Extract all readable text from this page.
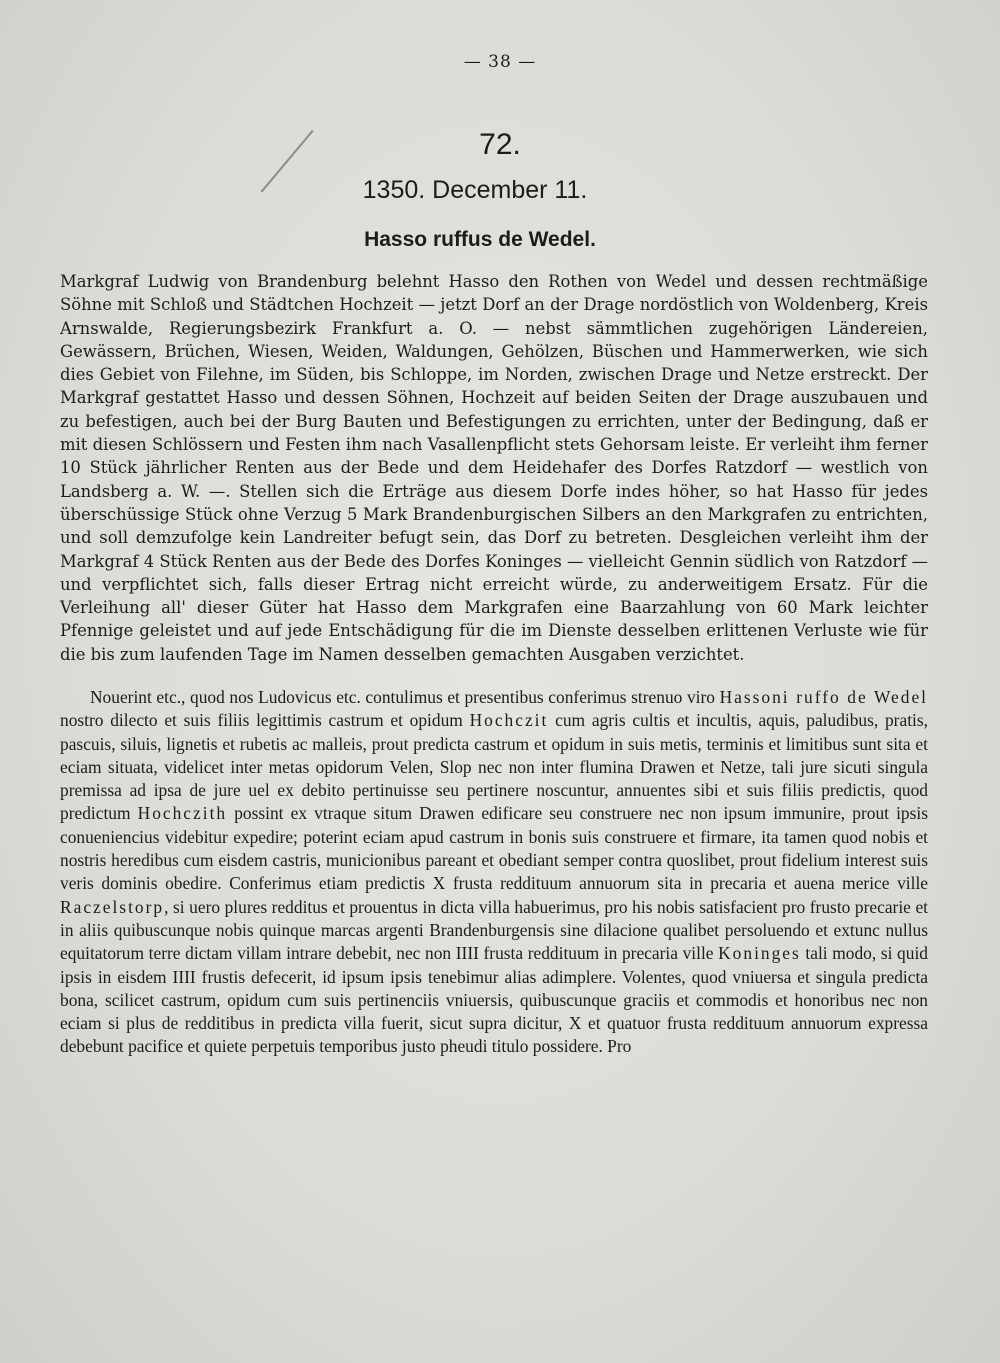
— 38 —
72.
1350. December 11.
Hasso ruffus de Wedel.

Markgraf Ludwig von Brandenburg belehnt Hasso den Rothen von Wedel und dessen rechtmäßige Söhne mit Schloß und Städtchen Hochzeit — jetzt Dorf an der Drage nordöstlich von Woldenberg, Kreis Arnswalde, Regierungsbezirk Frankfurt a. O. — nebst sämmtlichen zugehörigen Ländereien, Gewässern, Brüchen, Wiesen, Weiden, Waldungen, Gehölzen, Büschen und Hammerwerken, wie sich dies Gebiet von Filehne, im Süden, bis Schloppe, im Norden, zwischen Drage und Netze erstreckt. Der Markgraf gestattet Hasso und dessen Söhnen, Hochzeit auf beiden Seiten der Drage auszubauen und zu befestigen, auch bei der Burg Bauten und Befestigungen zu errichten, unter der Bedingung, daß er mit diesen Schlössern und Festen ihm nach Vasallenpflicht stets Gehorsam leiste. Er verleiht ihm ferner 10 Stück jährlicher Renten aus der Bede und dem Heidehafer des Dorfes Ratzdorf — westlich von Landsberg a. W. —. Stellen sich die Erträge aus diesem Dorfe indes höher, so hat Hasso für jedes überschüssige Stück ohne Verzug 5 Mark Brandenburgischen Silbers an den Markgrafen zu entrichten, und soll demzufolge kein Landreiter befugt sein, das Dorf zu betreten. Desgleichen verleiht ihm der Markgraf 4 Stück Renten aus der Bede des Dorfes Koninges — vielleicht Gennin südlich von Ratzdorf — und verpflichtet sich, falls dieser Ertrag nicht erreicht würde, zu anderweitigem Ersatz. Für die Verleihung all' dieser Güter hat Hasso dem Markgrafen eine Baarzahlung von 60 Mark leichter Pfennige geleistet und auf jede Entschädigung für die im Dienste desselben erlittenen Verluste wie für die bis zum laufenden Tage im Namen desselben gemachten Ausgaben verzichtet.

Nouerint etc., quod nos Ludovicus etc. contulimus et presentibus conferimus strenuo viro Hassoni ruffo de Wedel nostro dilecto et suis filiis legittimis castrum et opidum Hochczit cum agris cultis et incultis, aquis, paludibus, pratis, pascuis, siluis, lignetis et rubetis ac malleis, prout predicta castrum et opidum in suis metis, terminis et limitibus sunt sita et eciam situata, videlicet inter metas opidorum Velen, Slop nec non inter flumina Drawen et Netze, tali jure sicuti singula premissa ad ipsa de jure uel ex debito pertinuisse seu pertinere noscuntur, annuentes sibi et suis filiis predictis, quod predictum Hochczith possint ex vtraque situm Drawen edificare seu construere nec non ipsum immunire, prout ipsis conueniencius videbitur expedire; poterint eciam apud castrum in bonis suis construere et firmare, ita tamen quod nobis et nostris heredibus cum eisdem castris, municionibus pareant et obediant semper contra quoslibet, prout fidelium interest suis veris dominis obedire. Conferimus etiam predictis X frusta reddituum annuorum sita in precaria et auena merice ville Raczelstorp, si uero plures redditus et prouentus in dicta villa habuerimus, pro his nobis satisfacient pro frusto precarie et in aliis quibuscunque nobis quinque marcas argenti Brandenburgensis sine dilacione qualibet persoluendo et extunc nullus equitatorum terre dictam villam intrare debebit, nec non IIII frusta reddituum in precaria ville Koninges tali modo, si quid ipsis in eisdem IIII frustis defecerit, id ipsum ipsis tenebimur alias adimplere. Volentes, quod vniuersa et singula predicta bona, scilicet castrum, opidum cum suis pertinenciis vniuersis, quibuscunque graciis et commodis et honoribus nec non eciam si plus de redditibus in predicta villa fuerit, sicut supra dicitur, X et quatuor frusta reddituum annuorum expressa debebunt pacifice et quiete perpetuis temporibus justo pheudi titulo possidere. Pro
